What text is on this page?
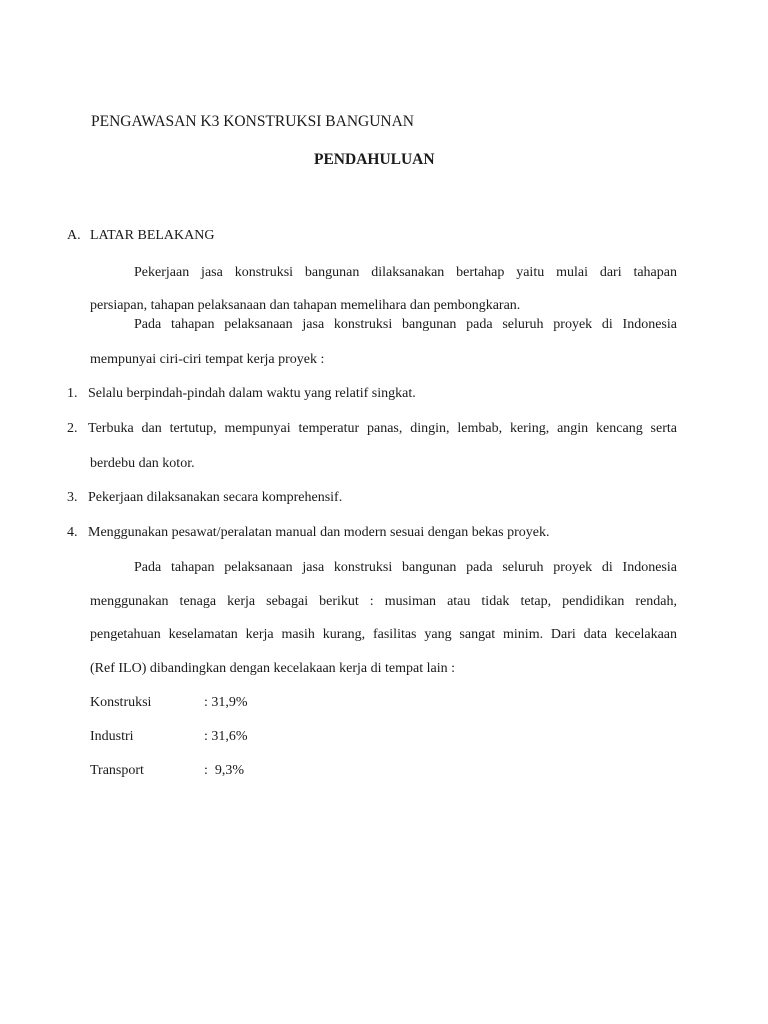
PENGAWASAN K3 KONSTRUKSI BANGUNAN
PENDAHULUAN
A. LATAR BELAKANG
Pekerjaan jasa konstruksi bangunan dilaksanakan bertahap yaitu mulai dari tahapan
persiapan, tahapan pelaksanaan dan tahapan memelihara dan pembongkaran.
Pada tahapan pelaksanaan jasa konstruksi bangunan pada seluruh proyek di Indonesia
mempunyai ciri-ciri tempat kerja proyek :
1. Selalu berpindah-pindah dalam waktu yang relatif singkat.
2. Terbuka dan tertutup, mempunyai temperatur panas, dingin, lembab, kering, angin kencang serta
berdebu dan kotor.
3. Pekerjaan dilaksanakan secara komprehensif.
4. Menggunakan pesawat/peralatan manual dan modern sesuai dengan bekas proyek.
Pada tahapan pelaksanaan jasa konstruksi bangunan pada seluruh proyek di Indonesia
menggunakan tenaga kerja sebagai berikut : musiman atau tidak tetap, pendidikan rendah,
pengetahuan keselamatan kerja masih kurang, fasilitas yang sangat minim. Dari data kecelakaan
(Ref ILO) dibandingkan dengan kecelakaan kerja di tempat lain :
Konstruksi	: 31,9%
Industri	: 31,6%
Transport	:  9,3%
